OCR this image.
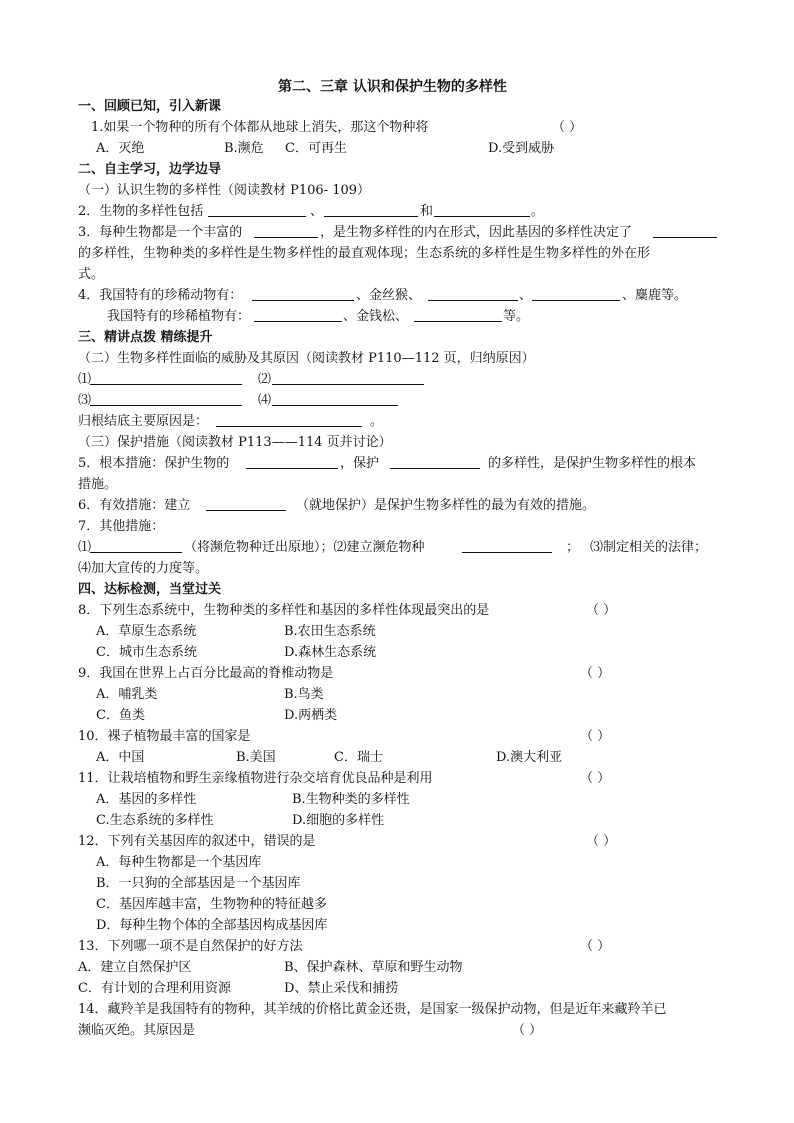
第二、三章 认识和保护生物的多样性
一、回顾已知，引入新课
1.如果一个物种的所有个体都从地球上消失，那这个物种将	（ ）
A．灭绝	B.濒危 C．可再生	D.受到威胁
二、自主学习，边学边导
（一）认识生物的多样性（阅读教材 P106- 109）
2．生物的多样性包括	、	和	。
3．每种生物都是一个丰富的	，是生物多样性的内在形式，因此基因的多样性决定了
的多样性，生物种类的多样性是生物多样性的最直观体现；生态系统的多样性是生物多样性的外在形
式。
4．我国特有的珍稀动物有：	、金丝猴、	、	、麋鹿等。
我国特有的珍稀植物有：	、金钱松、	等。
三、精讲点拨 精练提升
（二）生物多样性面临的威胁及其原因（阅读教材 P110—112 页，归纳原因）
⑴	⑵
⑶	⑷
归根结底主要原因是：	。
（三）保护措施（阅读教材 P113——114 页并讨论）
5．根本措施：保护生物的	，保护	的多样性，是保护生物多样性的根本
措施。
6．有效措施：建立	（就地保护）是保护生物多样性的最为有效的措施。
7．其他措施：
⑴	（将濒危物种迁出原地）；⑵建立濒危物种	； ⑶制定相关的法律；
⑷加大宣传的力度等。
四、达标检测，当堂过关
8．下列生态系统中，生物种类的多样性和基因的多样性体现最突出的是	（ ）
A．草原生态系统	B.农田生态系统
C．城市生态系统	D.森林生态系统
9．我国在世界上占百分比最高的脊椎动物是	（ ）
A．哺乳类	B.鸟类
C．鱼类	D.两栖类
10．裸子植物最丰富的国家是	（ ）
A．中国	B.美国	C．瑞士	D.澳大利亚
11．让栽培植物和野生亲缘植物进行杂交培育优良品种是利用	（ ）
A．基因的多样性	B.生物种类的多样性
C.生态系统的多样性	D.细胞的多样性
12．下列有关基因库的叙述中，错误的是	（ ）
A．每种生物都是一个基因库
B．一只狗的全部基因是一个基因库
C．基因库越丰富，生物物种的特征越多
D．每种生物个体的全部基因构成基因库
13．下列哪一项不是自然保护的好方法	（ ）
A．建立自然保护区	B、保护森林、草原和野生动物
C．有计划的合理利用资源	D、禁止采伐和捕捞
14．藏羚羊是我国特有的物种，其羊绒的价格比黄金还贵，是国家一级保护动物，但是近年来藏羚羊已
濒临灭绝。其原因是	（ ）
